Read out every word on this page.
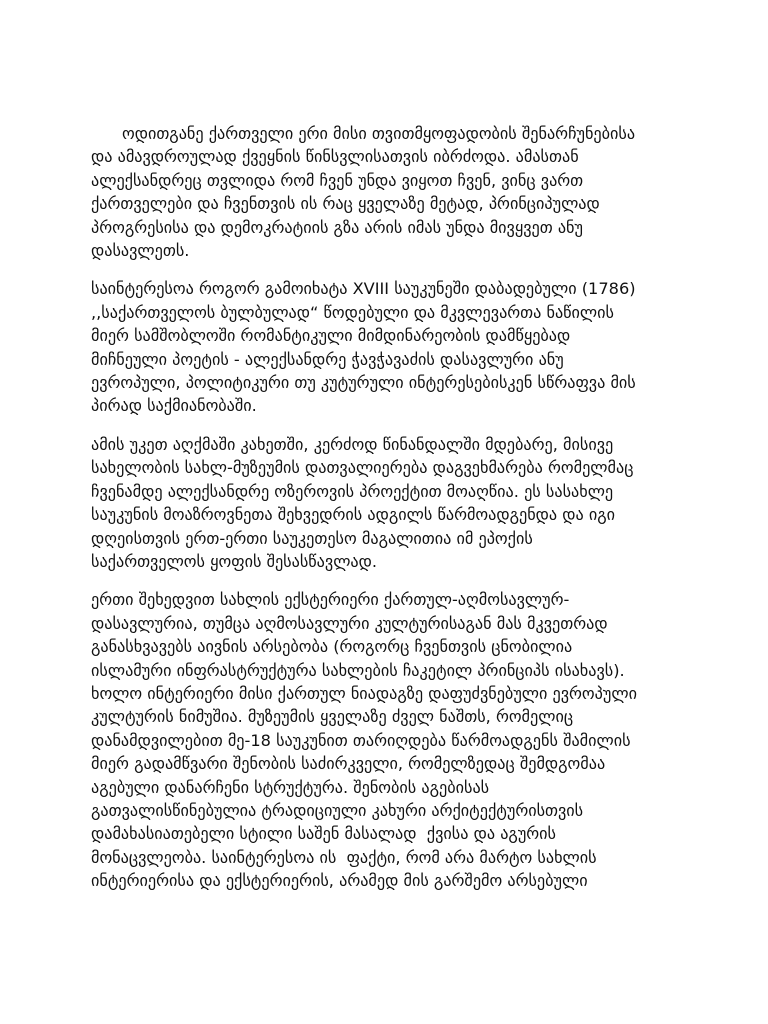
ოდითგანე ქართველი ერი მისი თვითმყოფადობის შენარჩუნებისა
და ამავდროულად ქვეყნის წინსვლისათვის იბრძოდა. ამასთან
ალექსანდრეც თვლიდა რომ ჩვენ უნდა ვიყოთ ჩვენ, ვინც ვართ
ქართველები და ჩვენთვის ის რაც ყველაზე მეტად, პრინციპულად
პროგრესისა და დემოკრატიის გზა არის იმას უნდა მივყვეთ ანუ
დასავლეთს.

საინტერესოა როგორ გამოიხატა XVIII საუკუნეში დაბადებული (1786)
,,საქართველოს ბულბულად“ წოდებული და მკვლევართა ნაწილის
მიერ სამშობლოში რომანტიკული მიმდინარეობის დამწყებად
მიჩნეული პოეტის - ალექსანდრე ჭავჭავაძის დასავლური ანუ
ევროპული, პოლიტიკური თუ კუტურული ინტერესებისკენ სწრაფვა მის
პირად საქმიანობაში.

ამის უკეთ აღქმაში კახეთში, კერძოდ წინანდალში მდებარე, მისივე
სახელობის სახლ-მუზეუმის დათვალიერება დაგვეხმარება რომელმაც
ჩვენამდე ალექსანდრე ოზეროვის პროექტით მოაღწია. ეს სასახლე
საუკუნის მოაზროვნეთა შეხვედრის ადგილს წარმოადგენდა და იგი
დღეისთვის ერთ-ერთი საუკეთესო მაგალითია იმ ეპოქის
საქართველოს ყოფის შესასწავლად.

ერთი შეხედვით სახლის ექსტერიერი ქართულ-აღმოსავლურ-
დასავლურია, თუმცა აღმოსავლური კულტურისაგან მას მკვეთრად
განასხვავებს აივნის არსებობა (როგორც ჩვენთვის ცნობილია
ისლამური ინფრასტრუქტურა სახლების ჩაკეტილ პრინციპს ისახავს).
ხოლო ინტერიერი მისი ქართულ ნიადაგზე დაფუძვნებული ევროპული
კულტურის ნიმუშია. მუზეუმის ყველაზე ძველ ნაშთს, რომელიც
დანამდვილებით მე-18 საუკუნით თარიღდება წარმოადგენს შამილის
მიერ გადამწვარი შენობის საძირკველი, რომელზედაც შემდგომაა
აგებული დანარჩენი სტრუქტურა. შენობის აგებისას
გათვალისწინებულია ტრადიციული კახური არქიტექტურისთვის
დამახასიათებელი სტილი საშენ მასალად  ქვისა და აგურის
მონაცვლეობა. საინტერესოა ის  ფაქტი, რომ არა მარტო სახლის
ინტერიერისა და ექსტერიერის, არამედ მის გარშემო არსებული
